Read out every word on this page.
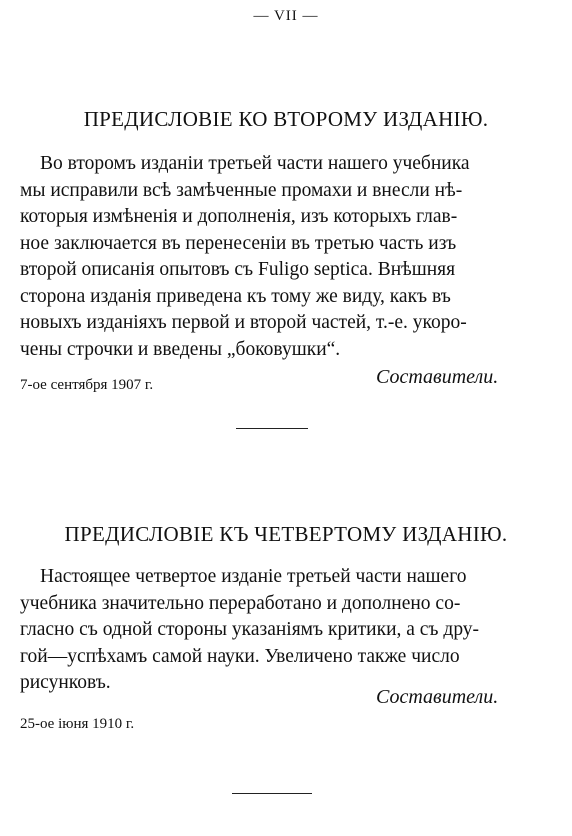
— VII —
ПРЕДИСЛОВІЕ КО ВТОРОМУ ИЗДАНІЮ.
Во второмъ изданіи третьей части нашего учебника
мы исправили всѣ замѣченные промахи и внесли нѣ-
которыя измѣненія и дополненія, изъ которыхъ глав-
ное заключается въ перенесеніи въ третью часть изъ
второй описанія опытовъ съ Fuligo septica. Внѣшняя
сторона изданія приведена къ тому же виду, какъ въ
новыхъ изданіяхъ первой и второй частей, т.-е. укоро-
чены строчки и введены „боковушки“.
Составители.
7-ое сентября 1907 г.
ПРЕДИСЛОВІЕ КЪ ЧЕТВЕРТОМУ ИЗДАНІЮ.
Настоящее четвертое изданіе третьей части нашего
учебника значительно переработано и дополнено со-
гласно съ одной стороны указаніямъ критики, а съ дру-
гой—успѣхамъ самой науки. Увеличено также число
рисунковъ.
Составители.
25-ое іюня 1910 г.
